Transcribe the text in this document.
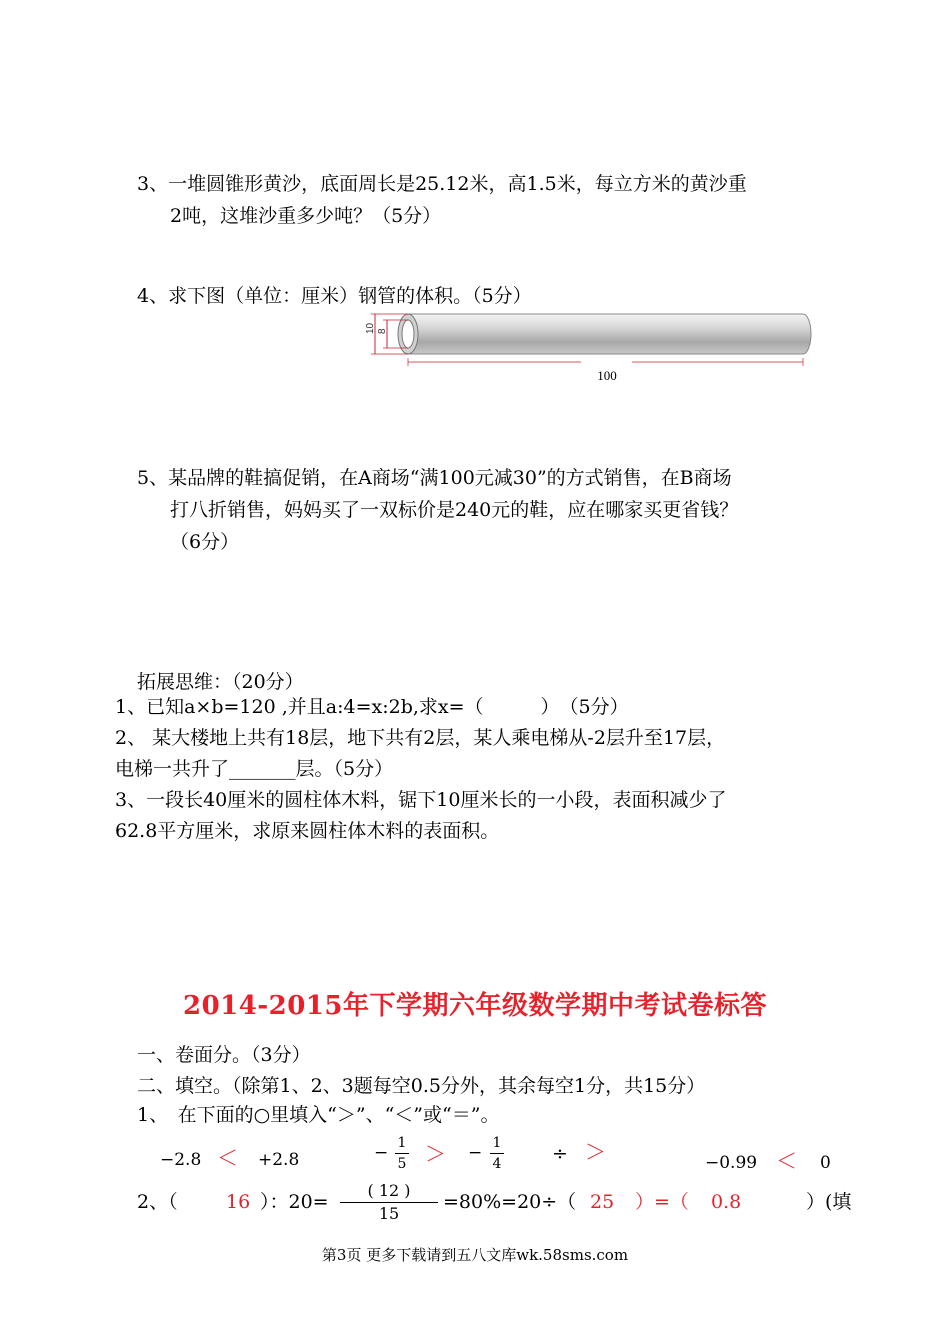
3、一堆圆锥形黄沙，底面周长是25.12米，高1.5米，每立方米的黄沙重
2吨，这堆沙重多少吨？（5分）
4、求下图（单位：厘米）钢管的体积。（5分）
10 8
100
5、某品牌的鞋搞促销，在A商场“满100元减30”的方式销售，在B商场
打八折销售，妈妈买了一双标价是240元的鞋，应在哪家买更省钱？
（6分）
拓展思维：（20分）
1、已知a×b=120 ,并且a:4=x:2b,求x=（　　　）　（5分）
2、 某大楼地上共有18层，地下共有2层，某人乘电梯从-2层升至17层，
电梯一共升了_______层。（5分）
3、一段长40厘米的圆柱体木料，锯下10厘米长的一小段，表面积减少了
62.8平方厘米，求原来圆柱体木料的表面积。
2014-2015年下学期六年级数学期中考试卷标答
一、卷面分。（3分）
二、填空。（除第1、2、3题每空0.5分外，其余每空1分，共15分）
1、　在下面的○里填入“＞”、“＜”或“＝”。
−2.8 ＜ +2.8	− 1
5 ＞ − 1
4	÷ ＞	−0.99 ＜ 0
2、（	16 ）：20=
( 12 )
15
=80%=20÷（ 25 ）=（ 0.8	）(填
第3页 更多下载请到五八文库wk.58sms.com
